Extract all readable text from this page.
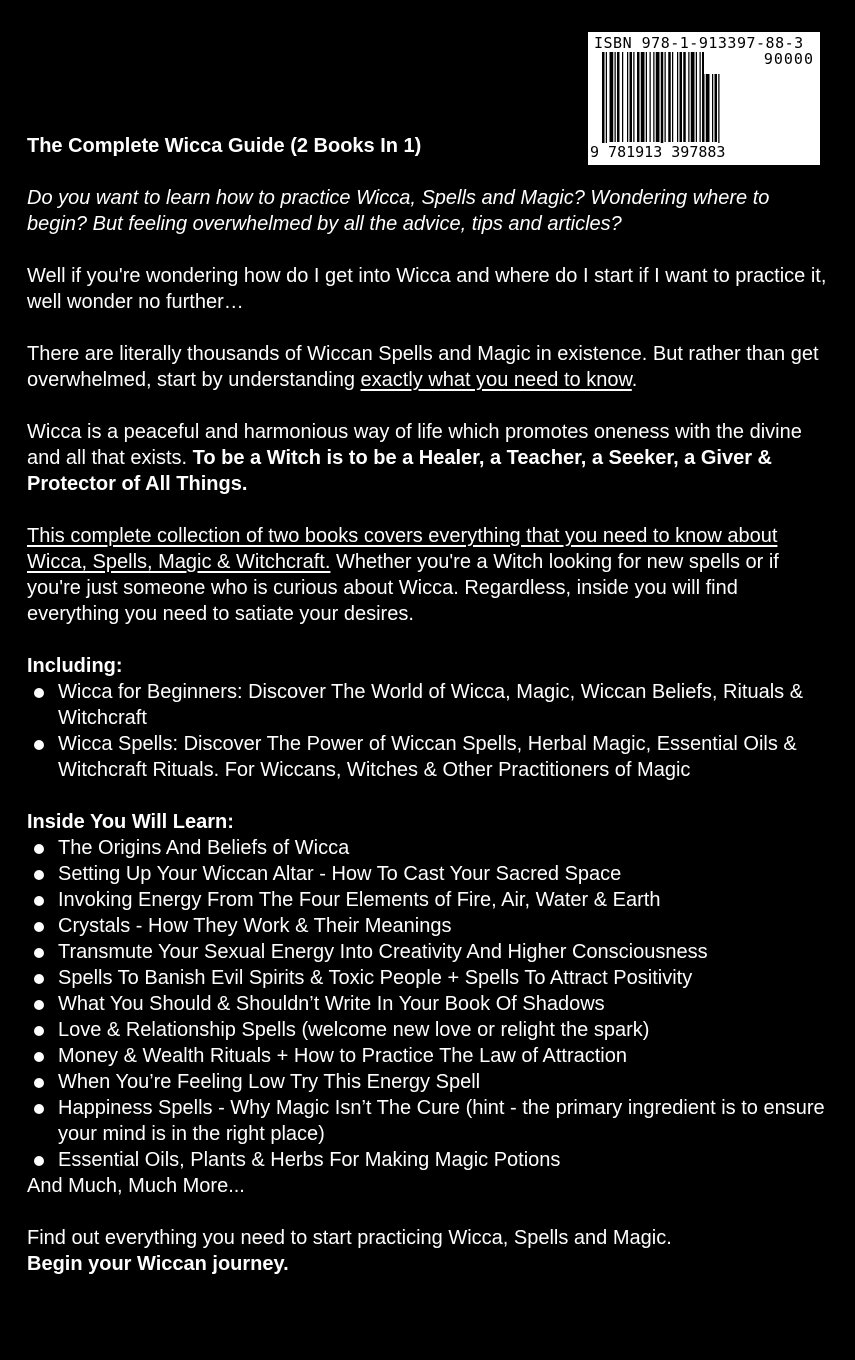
ISBN 978-1-913397-88-3
90000
9 781913 397883

The Complete Wicca Guide (2 Books In 1)

Do you want to learn how to practice Wicca, Spells and Magic? Wondering where to begin? But feeling overwhelmed by all the advice, tips and articles?

Well if you're wondering how do I get into Wicca and where do I start if I want to practice it, well wonder no further…

There are literally thousands of Wiccan Spells and Magic in existence. But rather than get overwhelmed, start by understanding exactly what you need to know.

Wicca is a peaceful and harmonious way of life which promotes oneness with the divine and all that exists. To be a Witch is to be a Healer, a Teacher, a Seeker, a Giver & Protector of All Things.

This complete collection of two books covers everything that you need to know about Wicca, Spells, Magic & Witchcraft. Whether you're a Witch looking for new spells or if you're just someone who is curious about Wicca. Regardless, inside you will find everything you need to satiate your desires.

Including:

Wicca for Beginners: Discover The World of Wicca, Magic, Wiccan Beliefs, Rituals & Witchcraft
Wicca Spells: Discover The Power of Wiccan Spells, Herbal Magic, Essential Oils & Witchcraft Rituals. For Wiccans, Witches & Other Practitioners of Magic

Inside You Will Learn:

The Origins And Beliefs of Wicca
Setting Up Your Wiccan Altar - How To Cast Your Sacred Space
Invoking Energy From The Four Elements of Fire, Air, Water & Earth
Crystals - How They Work & Their Meanings
Transmute Your Sexual Energy Into Creativity And Higher Consciousness
Spells To Banish Evil Spirits & Toxic People + Spells To Attract Positivity
What You Should & Shouldn’t Write In Your Book Of Shadows
Love & Relationship Spells (welcome new love or relight the spark)
Money & Wealth Rituals + How to Practice The Law of Attraction
When You’re Feeling Low Try This Energy Spell
Happiness Spells - Why Magic Isn’t The Cure (hint - the primary ingredient is to ensure your mind is in the right place)
Essential Oils, Plants & Herbs For Making Magic Potions

And Much, Much More...

Find out everything you need to start practicing Wicca, Spells and Magic.

Begin your Wiccan journey.
